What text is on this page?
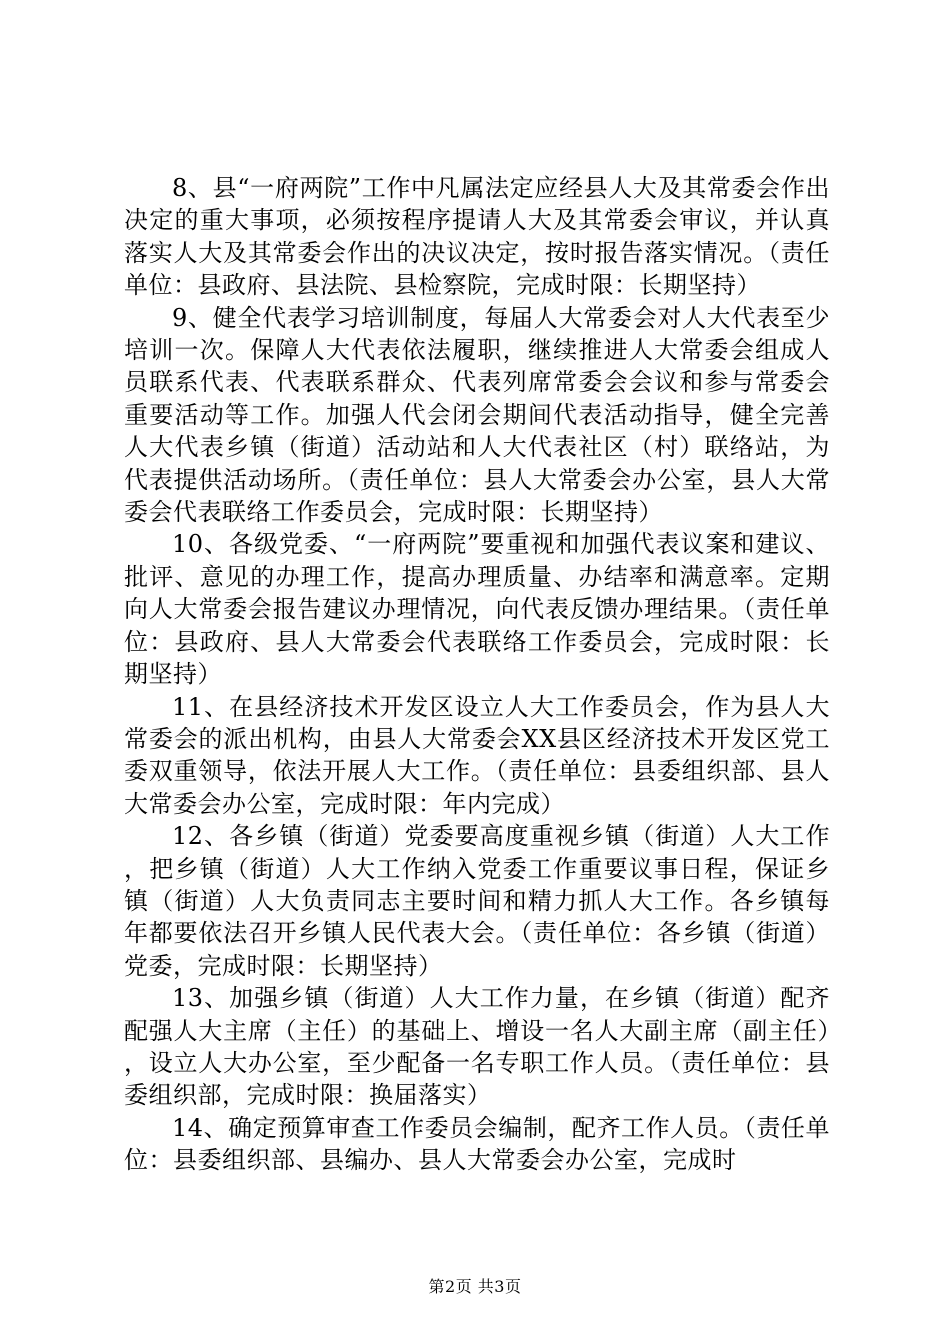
8、县“一府两院”工作中凡属法定应经县人大及其常委会作出决定的重大事项，必须按程序提请人大及其常委会审议，并认真落实人大及其常委会作出的决议决定，按时报告落实情况。（责任单位：县政府、县法院、县检察院，完成时限：长期坚持）

9、健全代表学习培训制度，每届人大常委会对人大代表至少培训一次。保障人大代表依法履职，继续推进人大常委会组成人员联系代表、代表联系群众、代表列席常委会会议和参与常委会重要活动等工作。加强人代会闭会期间代表活动指导，健全完善人大代表乡镇（街道）活动站和人大代表社区（村）联络站，为代表提供活动场所。（责任单位：县人大常委会办公室，县人大常委会代表联络工作委员会，完成时限：长期坚持）

10、各级党委、“一府两院”要重视和加强代表议案和建议、批评、意见的办理工作，提高办理质量、办结率和满意率。定期向人大常委会报告建议办理情况，向代表反馈办理结果。（责任单位：县政府、县人大常委会代表联络工作委员会，完成时限：长期坚持）

11、在县经济技术开发区设立人大工作委员会，作为县人大常委会的派出机构，由县人大常委会XX县区经济技术开发区党工委双重领导，依法开展人大工作。（责任单位：县委组织部、县人大常委会办公室，完成时限：年内完成）

12、各乡镇（街道）党委要高度重视乡镇（街道）人大工作，把乡镇（街道）人大工作纳入党委工作重要议事日程，保证乡镇（街道）人大负责同志主要时间和精力抓人大工作。各乡镇每年都要依法召开乡镇人民代表大会。（责任单位：各乡镇（街道）党委，完成时限：长期坚持）

13、加强乡镇（街道）人大工作力量，在乡镇（街道）配齐配强人大主席（主任）的基础上、增设一名人大副主席（副主任），设立人大办公室，至少配备一名专职工作人员。（责任单位：县委组织部，完成时限：换届落实）

14、确定预算审查工作委员会编制，配齐工作人员。（责任单位：县委组织部、县编办、县人大常委会办公室，完成时

第2页 共3页
